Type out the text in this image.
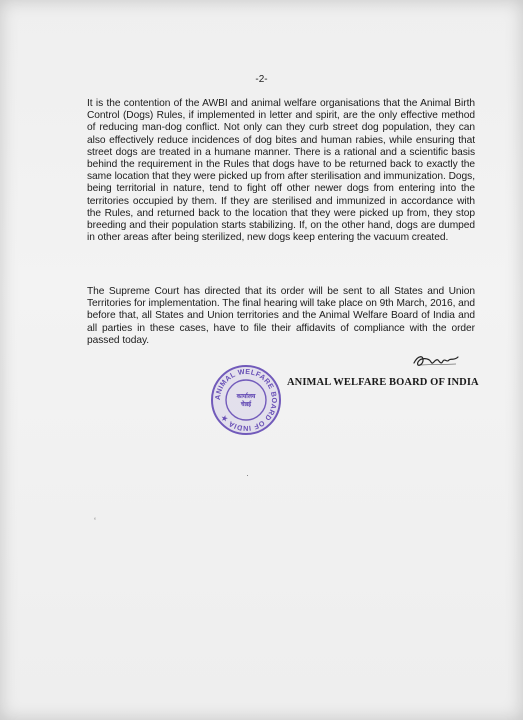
-2-
It is the contention of the AWBI and animal welfare organisations that the Animal Birth Control (Dogs) Rules, if implemented in letter and spirit, are the only effective method of reducing man-dog conflict. Not only can they curb street dog population, they can also effectively reduce incidences of dog bites and human rabies, while ensuring that street dogs are treated in a humane manner. There is a rational and a scientific basis behind the requirement in the Rules that dogs have to be returned back to exactly the same location that they were picked up from after sterilisation and immunization. Dogs, being territorial in nature, tend to fight off other newer dogs from entering into the territories occupied by them. If they are sterilised and immunized in accordance with the Rules, and returned back to the location that they were picked up from, they stop breeding and their population starts stabilizing. If, on the other hand, dogs are dumped in other areas after being sterilized, new dogs keep entering the vacuum created.
The Supreme Court has directed that its order will be sent to all States and Union Territories for implementation. The final hearing will take place on 9th March, 2016, and before that, all States and Union territories and the Animal Welfare Board of India and all parties in these cases, have to file their affidavits of compliance with the order passed today.
ANIMAL WELFARE BOARD OF INDIA
ANIMAL WELFARE BOARD OF INDIA ★
कार्यालय
चेन्नई
‘
·
